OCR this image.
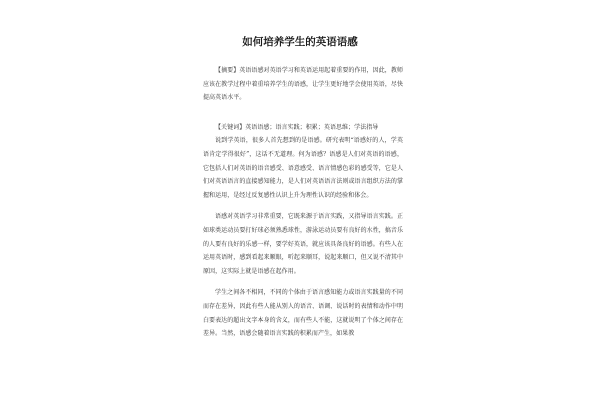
如何培养学生的英语语感

【摘要】英语语感对英语学习和英语运用起着重要的作用，因此，教师应该在教学过程中着重培养学生的语感，让学生更好地学会使用英语，尽快提高英语水平。

【关键词】英语语感；语言实践；积累；英语思维；学法指导

说到学英语，很多人首先想到的是语感。研究表明“语感好的人，学英语肯定学得很好”，这话不无道理。何为语感？语感是人们对英语的语感，它包括人们对英语的语音感受、语意感受、语言情感色彩的感受等，它是人们对英语语言的直接感知能力，是人们对英语语言法则或语言组织方法的掌握和运用，是经过反复感性认识上升为理性认识的经验和体会。

语感对英语学习非常重要，它既来源于语言实践，又指导语言实践。正如球类运动员要打好球必须熟悉球性，游泳运动员要有良好的水性，搞音乐的人要有良好的乐感一样，要学好英语，就应该具备良好的语感。有些人在运用英语时，感到看起来顺眼，听起来顺耳，说起来顺口，但又说不清其中原因，这实际上就是语感在起作用。

学生之间各不相同，不同的个体由于语言感知能力或语言实践量的不同而存在差异，因此有些人能从别人的语音、语调、说话时的表情和动作中明白要表达的超出文字本身的含义，而有些人不能，这就说明了个体之间存在差异。当然，语感会随着语言实践的积累而产生，如果教
